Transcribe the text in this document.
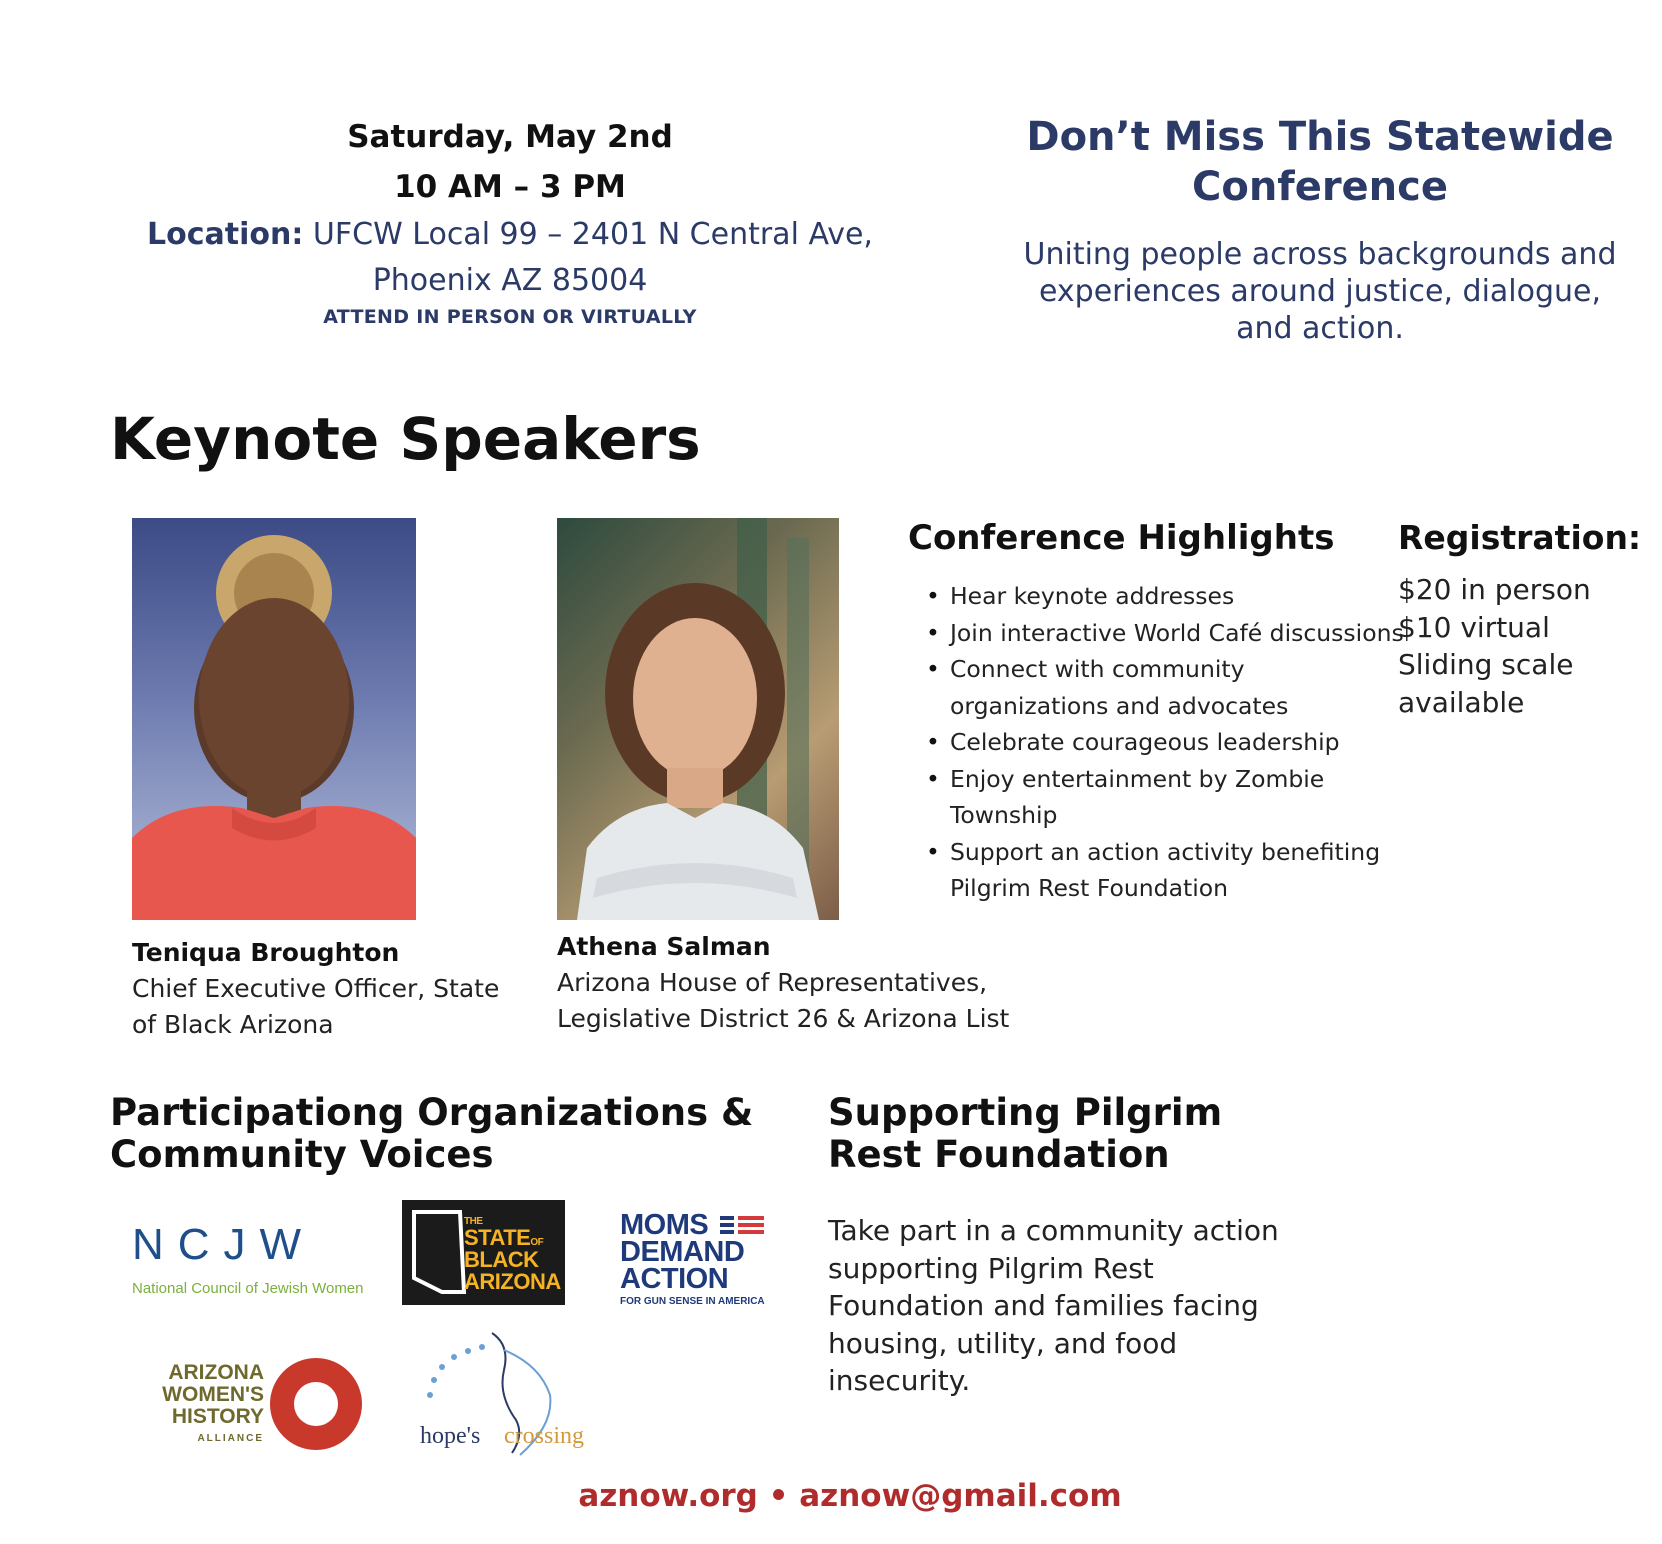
Saturday, May 2nd
10 AM – 3 PM
Location: UFCW Local 99 – 2401 N Central Ave,
Phoenix AZ 85004
ATTEND IN PERSON OR VIRTUALLY
Don’t Miss This Statewide Conference
Uniting people across backgrounds and experiences around justice, dialogue, and action.
Keynote Speakers
Teniqua Broughton
Chief Executive Officer, State of Black Arizona
Athena Salman
Arizona House of Representatives,
Legislative District 26 & Arizona List
Conference Highlights
• Hear keynote addresses
• Join interactive World Café discussions
• Connect with community organizations and advocates
• Celebrate courageous leadership
• Enjoy entertainment by Zombie Township
• Support an action activity benefiting Pilgrim Rest Foundation
Registration:
$20 in person
$10 virtual
Sliding scale
available
Participationg Organizations & Community Voices
NCJW
National Council of Jewish Women
THE
STATEOF
BLACK
ARIZONA
MOMS
DEMAND
ACTION
FOR GUN SENSE IN AMERICA
ARIZONA
WOMEN'S
HISTORY
ALLIANCE	hope's crossing
Supporting Pilgrim Rest Foundation
Take part in a community action supporting Pilgrim Rest Foundation and families facing housing, utility, and food insecurity.
aznow.org • aznow@gmail.com
